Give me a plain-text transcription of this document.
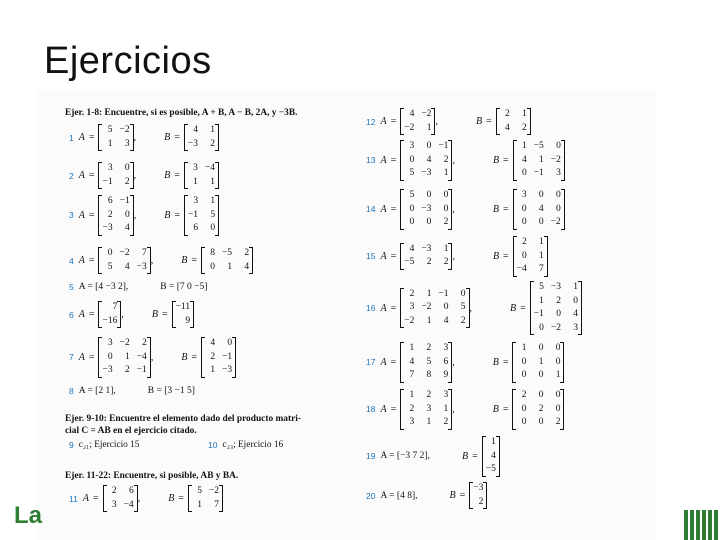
Ejercicios
Ejer. 1-8: Encuentre, si es posible, A + B, A − B, 2A, y −3B.
Ejer. 9-10: Encuentre el elemento dado del producto matri-
cial C = AB en el ejercicio citado.
Ejer. 11-22: Encuentre, si posible, AB y BA.
1 A =
5 −2
1	3
,	B =
4	1
−3	2
2 A =
3	0
−1	2
,	B =
3 −4
1	1
3 A =
6 −1
2	0
−3	4
,	B =
3	1
−1	5
6	0
4 A =
0 −2	7
5	4 −3
,	B =
8 −5	2
0	1	4
5 A = [4 −3 2],	B = [7 0 −5]
6 A =
7
−16
,	B =
−11
9
7 A =
3 −2	2
0	1 −4
−3	2 −1
,	B =
4	0
2 −1
1 −3
8 A = [2 1],	B = [3 −1 5]
9 c₂₁; Ejercicio 15	10 c₂₃; Ejercicio 16
11 A =
2	6
3 −4
,	B =
5 −2
1	7
12 A =
4 −2
−2	1
,	B =
2	1
4	2
13 A =
3	0 −1
0	4	2
5 −3	1
,	B =
1 −5	0
4	1 −2
0 −1	3
14 A =
5	0	0
0 −3	0
0	0	2
,	B =
3	0	0
0	4	0
0	0 −2
15 A =
4 −3	1
−5	2	2
,	B =
2	1
0	1
−4	7
16 A =
2	1 −1	0
3 −2	0	5
−2	1	4	2
,	B =
5 −3	1
1	2	0
−1	0	4
0 −2	3
17 A =
1	2	3
4	5	6
7	8	9
,	B =
1	0	0
0	1	0
0	0	1
18 A =
1	2	3
2	3	1
3	1	2
,	B =
2	0	0
0	2	0
0	0	2
19 A = [−3 7 2],	B =
1
4
−5
20 A = [4 8],	B =
−3
2
La
